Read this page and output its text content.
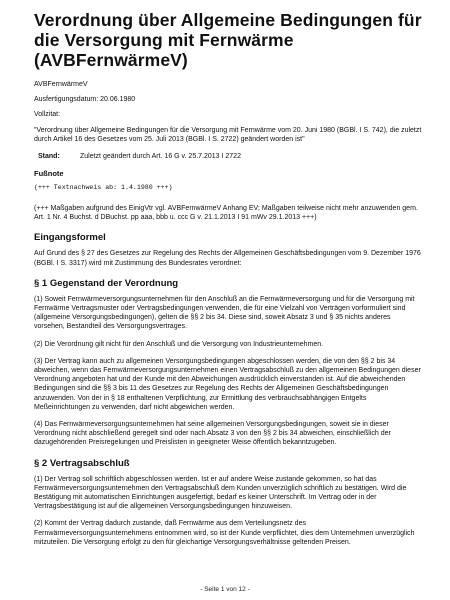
Verordnung über Allgemeine Bedingungen für die Versorgung mit Fernwärme (AVBFernwärmeV)

AVBFernwärmeV

Ausfertigungsdatum: 20.06.1980

Vollzitat:

"Verordnung über Allgemeine Bedingungen für die Versorgung mit Fernwärme vom 20. Juni 1980 (BGBl. I S. 742), die zuletzt durch Artikel 16 des Gesetzes vom 25. Juli 2013 (BGBl. I S. 2722) geändert worden ist"

Stand:	Zuletzt geändert durch Art. 16 G v. 25.7.2013 I 2722
Fußnote

(+++ Textnachweis ab: 1.4.1980 +++)

(+++ Maßgaben aufgrund des EinigVtr vgl. AVBFernwärmeV Anhang EV; Maßgaben teilweise nicht mehr anzuwenden gem. Art. 1 Nr. 4 Buchst. d DBuchst. pp aaa, bbb u. ccc G v. 21.1.2013 I 91 mWv 29.1.2013 +++)

Eingangsformel

Auf Grund des § 27 des Gesetzes zur Regelung des Rechts der Allgemeinen Geschäftsbedingungen vom 9. Dezember 1976 (BGBl. I S. 3317) wird mit Zustimmung des Bundesrates verordnet:

§ 1 Gegenstand der Verordnung

(1) Soweit Fernwärmeversorgungsunternehmen für den Anschluß an die Fernwärmeversorgung und für die Versorgung mit Fernwärme Vertragsmuster oder Vertragsbedingungen verwenden, die für eine Vielzahl von Verträgen vorformuliert sind (allgemeine Versorgungsbedingungen), gelten die §§ 2 bis 34. Diese sind, soweit Absatz 3 und § 35 nichts anderes vorsehen, Bestandteil des Versorgungsvertrages.

(2) Die Verordnung gilt nicht für den Anschluß und die Versorgung von Industrieunternehmen.

(3) Der Vertrag kann auch zu allgemeinen Versorgungsbedingungen abgeschlossen werden, die von den §§ 2 bis 34 abweichen, wenn das Fernwärmeversorgungsunternehmen einen Vertragsabschluß zu den allgemeinen Bedingungen dieser Verordnung angeboten hat und der Kunde mit den Abweichungen ausdrücklich einverstanden ist. Auf die abweichenden Bedingungen sind die §§ 3 bis 11 des Gesetzes zur Regelung des Rechts der Allgemeinen Geschäftsbedingungen anzuwenden. Von der in § 18 enthaltenen Verpflichtung, zur Ermittlung des verbrauchsabhängigen Entgelts Meßeinrichtungen zu verwenden, darf nicht abgewichen werden.

(4) Das Fernwärmeversorgungsunternehmen hat seine allgemeinen Versorgungsbedingungen, soweit sie in dieser Verordnung nicht abschließend geregelt sind oder nach Absatz 3 von den §§ 2 bis 34 abweichen, einschließlich der dazugehörenden Preisregelungen und Preislisten in geeigneter Weise öffentlich bekanntzugeben.

§ 2 Vertragsabschluß

(1) Der Vertrag soll schriftlich abgeschlossen werden. Ist er auf andere Weise zustande gekommen, so hat das Fernwärmeversorgungsunternehmen den Vertragsabschluß dem Kunden unverzüglich schriftlich zu bestätigen. Wird die Bestätigung mit automatischen Einrichtungen ausgefertigt, bedarf es keiner Unterschrift. Im Vertrag oder in der Vertragsbestätigung ist auf die allgemeinen Versorgungsbedingungen hinzuweisen.

(2) Kommt der Vertrag dadurch zustande, daß Fernwärme aus dem Verteilungsnetz des Fernwärmeversorgungsunternehmens entnommen wird, so ist der Kunde verpflichtet, dies dem Unternehmen unverzüglich mitzuteilen. Die Versorgung erfolgt zu den für gleichartige Versorgungsverhältnisse geltenden Preisen.

- Seite 1 von 12 -
